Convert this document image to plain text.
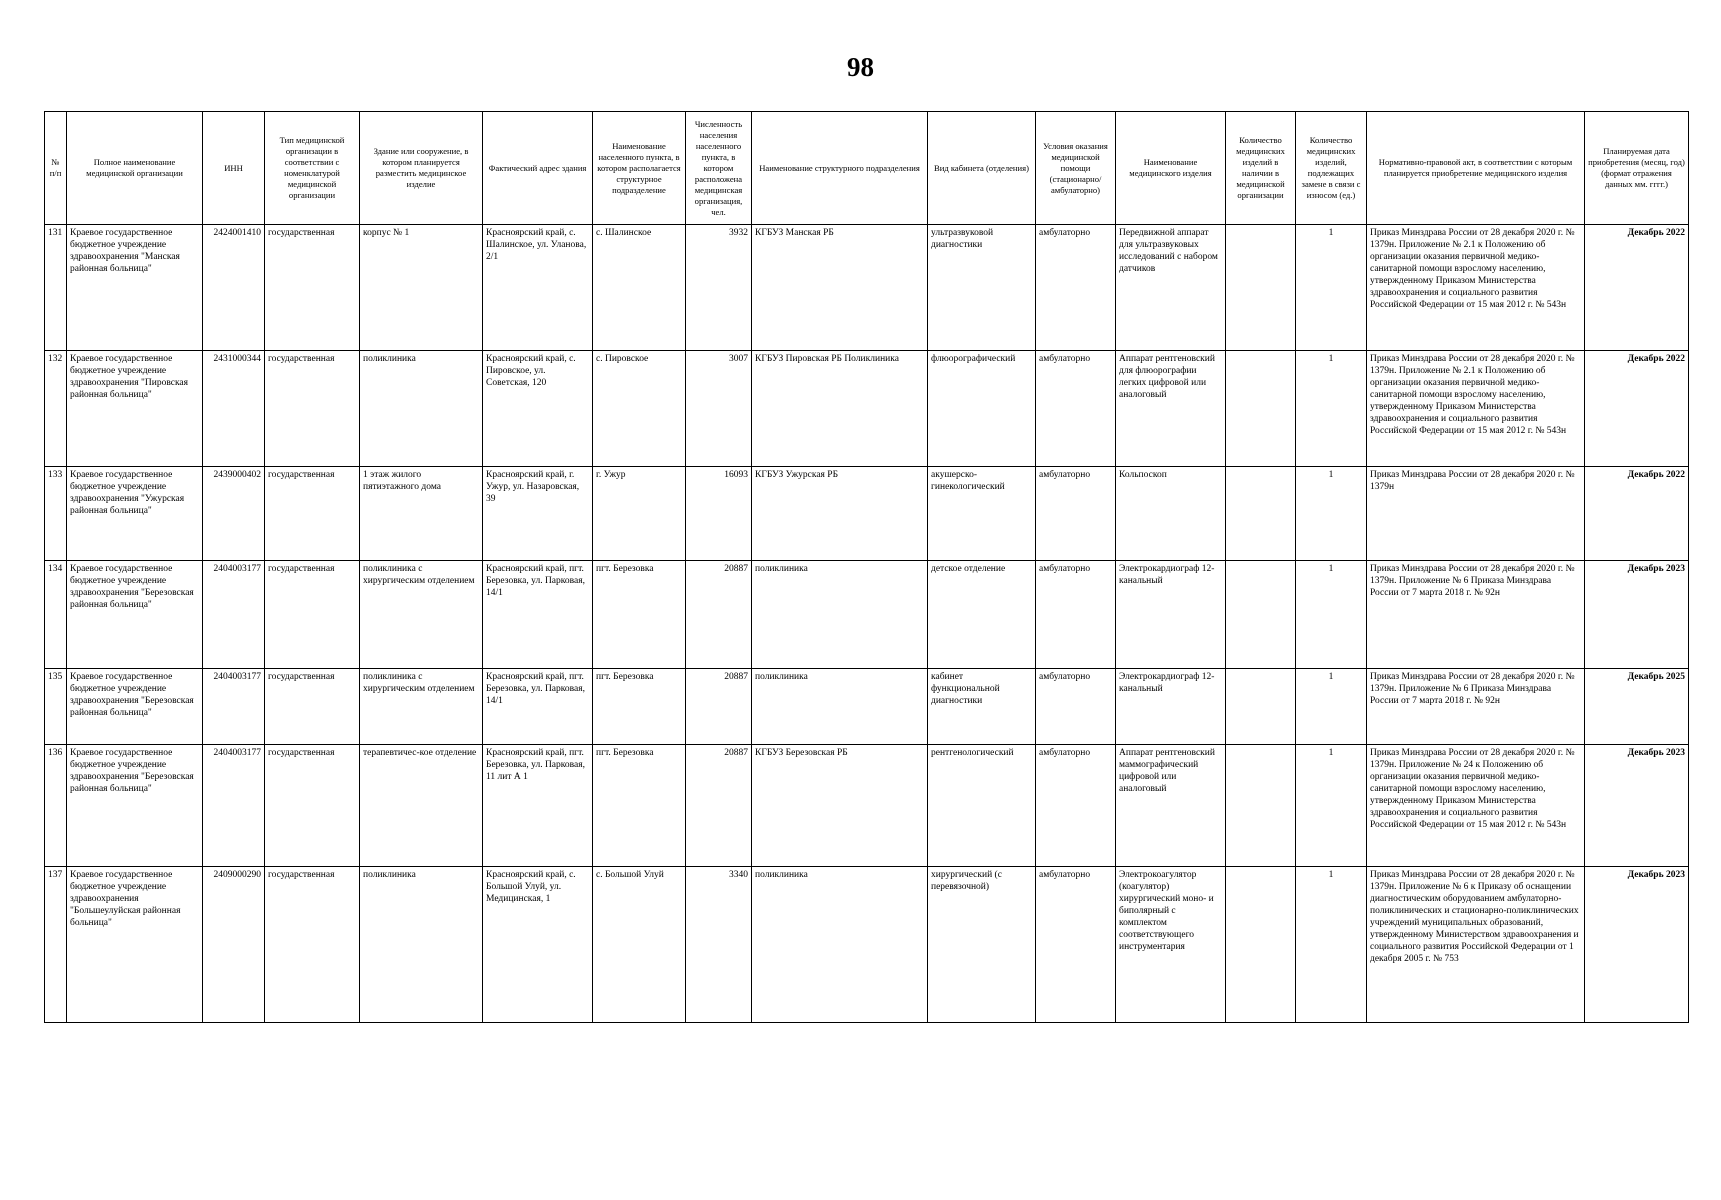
98
№ п/п	Полное наименование медицинской организации	ИНН	Тип медицинской организации в соответствии с номенклатурой медицинской организации	Здание или сооружение, в котором планируется разместить медицинское изделие	Фактический адрес здания	Наименование населенного пункта, в котором располагается структурное подразделение	Численность населения населенного пункта, в котором расположена медицинская организация, чел.	Наименование структурного подразделения	Вид кабинета (отделения)	Условия оказания медицинской помощи (стационарно/ амбулаторно)	Наименование медицинского изделия	Количество медицинских изделий в наличии в медицинской организации	Количество медицинских изделий, подлежащих замене в связи с износом (ед.)	Нормативно-правовой акт, в соответствии с которым планируется приобретение медицинского изделия	Планируемая дата приобретения (месяц, год) (формат отражения данных мм. гггг.)
131	Краевое государственное бюджетное учреждение здравоохранения "Манская районная больница"	2424001410	государственная	корпус № 1	Красноярский край, с. Шалинское, ул. Уланова, 2/1	с. Шалинское	3932	КГБУЗ Манская РБ	ультразвуковой диагностики	амбулаторно	Передвижной аппарат для ультразвуковых исследований с набором датчиков		1	Приказ Минздрава России от 28 декабря 2020 г. № 1379н. Приложение № 2.1 к Положению об организации оказания первичной медико-санитарной помощи взрослому населению, утвержденному Приказом Министерства здравоохранения и социального развития Российской Федерации от 15 мая 2012 г. № 543н	Декабрь 2022
132	Краевое государственное бюджетное учреждение здравоохранения "Пировская районная больница"	2431000344	государственная	поликлиника	Красноярский край, с. Пировское, ул. Советская, 120	с. Пировское	3007	КГБУЗ Пировская РБ Поликлиника	флюорографический	амбулаторно	Аппарат рентгеновский для флюорографии легких цифровой или аналоговый		1	Приказ Минздрава России от 28 декабря 2020 г. № 1379н. Приложение № 2.1 к Положению об организации оказания первичной медико-санитарной помощи взрослому населению, утвержденному Приказом Министерства здравоохранения и социального развития Российской Федерации от 15 мая 2012 г. № 543н	Декабрь 2022
133	Краевое государственное бюджетное учреждение здравоохранения "Ужурская районная больница"	2439000402	государственная	1 этаж жилого пятиэтажного дома	Красноярский край, г. Ужур, ул. Назаровская, 39	г. Ужур	16093	КГБУЗ Ужурская РБ	акушерско-гинекологический	амбулаторно	Кольпоскоп		1	Приказ Минздрава России от 28 декабря 2020 г. № 1379н	Декабрь 2022
134	Краевое государственное бюджетное учреждение здравоохранения "Березовская районная больница"	2404003177	государственная	поликлиника с хирургическим отделением	Красноярский край, пгт. Березовка, ул. Парковая, 14/1	пгт. Березовка	20887	поликлиника	детское отделение	амбулаторно	Электрокардиограф 12-канальный		1	Приказ Минздрава России от 28 декабря 2020 г. № 1379н. Приложение № 6 Приказа Минздрава России от 7 марта 2018 г. № 92н	Декабрь 2023
135	Краевое государственное бюджетное учреждение здравоохранения "Березовская районная больница"	2404003177	государственная	поликлиника с хирургическим отделением	Красноярский край, пгт. Березовка, ул. Парковая, 14/1	пгт. Березовка	20887	поликлиника	кабинет функциональной диагностики	амбулаторно	Электрокардиограф 12-канальный		1	Приказ Минздрава России от 28 декабря 2020 г. № 1379н. Приложение № 6 Приказа Минздрава России от 7 марта 2018 г. № 92н	Декабрь 2025
136	Краевое государственное бюджетное учреждение здравоохранения "Березовская районная больница"	2404003177	государственная	терапевтичес-кое отделение	Красноярский край, пгт. Березовка, ул. Парковая, 11 лит А 1	пгт. Березовка	20887	КГБУЗ Березовская РБ	рентгенологический	амбулаторно	Аппарат рентгеновский маммографический цифровой или аналоговый		1	Приказ Минздрава России от 28 декабря 2020 г. № 1379н. Приложение № 24 к Положению об организации оказания первичной медико-санитарной помощи взрослому населению, утвержденному Приказом Министерства здравоохранения и социального развития Российской Федерации от 15 мая 2012 г. № 543н	Декабрь 2023
137	Краевое государственное бюджетное учреждение здравоохранения "Большеулуйская районная больница"	2409000290	государственная	поликлиника	Красноярский край, с. Большой Улуй, ул. Медицинская, 1	с. Большой Улуй	3340	поликлиника	хирургический (с перевязочной)	амбулаторно	Электрокоагулятор (коагулятор) хирургический моно- и биполярный с комплектом соответствующего инструментария		1	Приказ Минздрава России от 28 декабря 2020 г. № 1379н. Приложение № 6 к Приказу об оснащении диагностическим оборудованием амбулаторно-поликлинических и стационарно-поликлинических учреждений муниципальных образований, утвержденному Министерством здравоохранения и социального развития Российской Федерации от 1 декабря 2005 г. № 753	Декабрь 2023
